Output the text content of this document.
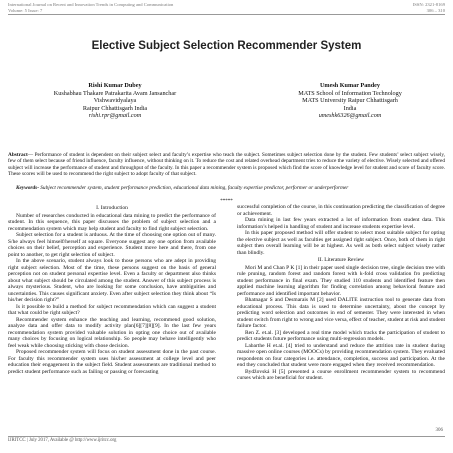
International Journal on Recent and Innovation Trends in Computing and Communication
Volume: 5 Issue: 7
ISSN: 2321-8169
306 – 310
Elective Subject Selection Recommender System
Rishi Kumar Dubey
Kushabhau Thakare Patrakarita Avam Jansanchar
Vishwavidyalaya
Raipur Chhattisgarh India
rishi.rpr@gmail.com
Umesh Kumar Pandey
MATS School of Information Technology
MATS University Raipur Chhattisgarh
India
umeshk6326@gmail.com
Abstract— Performance of student is dependent on their subject select and faculty’s expertise who teach the subject. Sometimes subject selection done by the student. Few students’ select subject wisely, few of them select because of friend influence, faculty influence, without thinking on it. To reduce the cost and related overhead department tries to reduce the variety of elective. Wisely selected and offered subject will increase the performance of student and throughput of the faculty. In this paper a recommender system is proposed which find the score of knowledge level for student and score of faculty score. These scores will be used to recommend the right subject to adopt faculty of that subject.
Keywords- Subject recommender system, student performance prediction, educational data mining, faculty expertise predictor, performer or underperformer
*****
I. Introduction

Number of researches conducted in educational data mining to predict the performance of student. In this sequence, this paper discusses the problem of subject selection and a recommendation system which may help student and faculty to find right subject selection.

Subject selection for a student is arduous. At the time of choosing one option out of many. S/he always feel himself/herself at square. Everyone suggest any one option from available choices on their belief, perception and experience. Student move here and there, from one point to another, to get right selection of subject.

In the above scenario, student always look to those persons who are adept in providing right subject selection. Most of the time, these persons suggest on the basis of general perception not on student personal expertise level. Even a faculty or department also thinks about what subject should be circulated among the student. Answer of this subject process is always mysterious. Student, who are looking for some conclusion, have ambiguities and uncertainties. This causes significant anxiety. Even after subject selection they think about “Is his/her decision right?”

Is it possible to build a method for subject recommendation which can suggest a student that what could be right subject?

Recommender system enhance the teaching and learning, recommend good solution, analyze data and offer data to modify activity plan[6][7][8][9]. In the last few years recommendation system provided valuable solution in opting one choice out of available many choices by focusing on logical relationship. So people may behave intelligently who feel weak while choosing sticking with chose decision.

Proposed recommender system will focus on student assessment done in the past course. For faculty this recommender system uses his/her assessment at college level and peer education their engagement in the subject field. Student assessments are traditional method to predict student performance such as failing or passing or forecasting

successful completion of the course, in this continuation predicting the classification of degree or achievement.

Data mining in last few years extracted a lot of information from student data. This information’s helped in handling of student and increase students expertise level.

In this paper proposed method will offer student to select most suitable subject for opting the elective subject as well as faculties get assigned right subject. Once, both of them in right subject then overall learning will be at highest. As well as both select subject wisely rather than blindly.

II. Literature Review

Mori M and Chan P K [1] in their paper used single decision tree, single decision tree with rule pruning, random forest and random forest with k-fold cross validation fro predicting student performance in final exam. They studied 110 students and identified feature then applied machine learning algorithm for finding correlation among behavioral feature and performance and identified important behavior.

Bhatnagar S and Desmarais M [2] used DALITE instruction tool to generate data from educational process. This data is used to determine uncertainty, about the concept by predicting word selection and outcomes in end of semester. They were interested in when student switch from right to wrong and vice versa, effect of teacher, student at risk and student failure factor.

Ren Z. et.al. [3] developed a real time model which tracks the participation of student to predict students future performance using multi-regression models.

Labarthe H et.al. [4] tried to understand and reduce the attrition rate in student during massive open online courses (MOOCs) by providing recommendation system. They evaluated respondents on four categories i.e. attendance, completion, success and participation. At the end they concluded that student were more engaged when they received recommendation.

Bydžovská H [5] presented a course enrollment recommender system to recommend curses which are beneficial for student.

306
IJRITCC | July 2017, Available @ http://www.ijritcc.org
